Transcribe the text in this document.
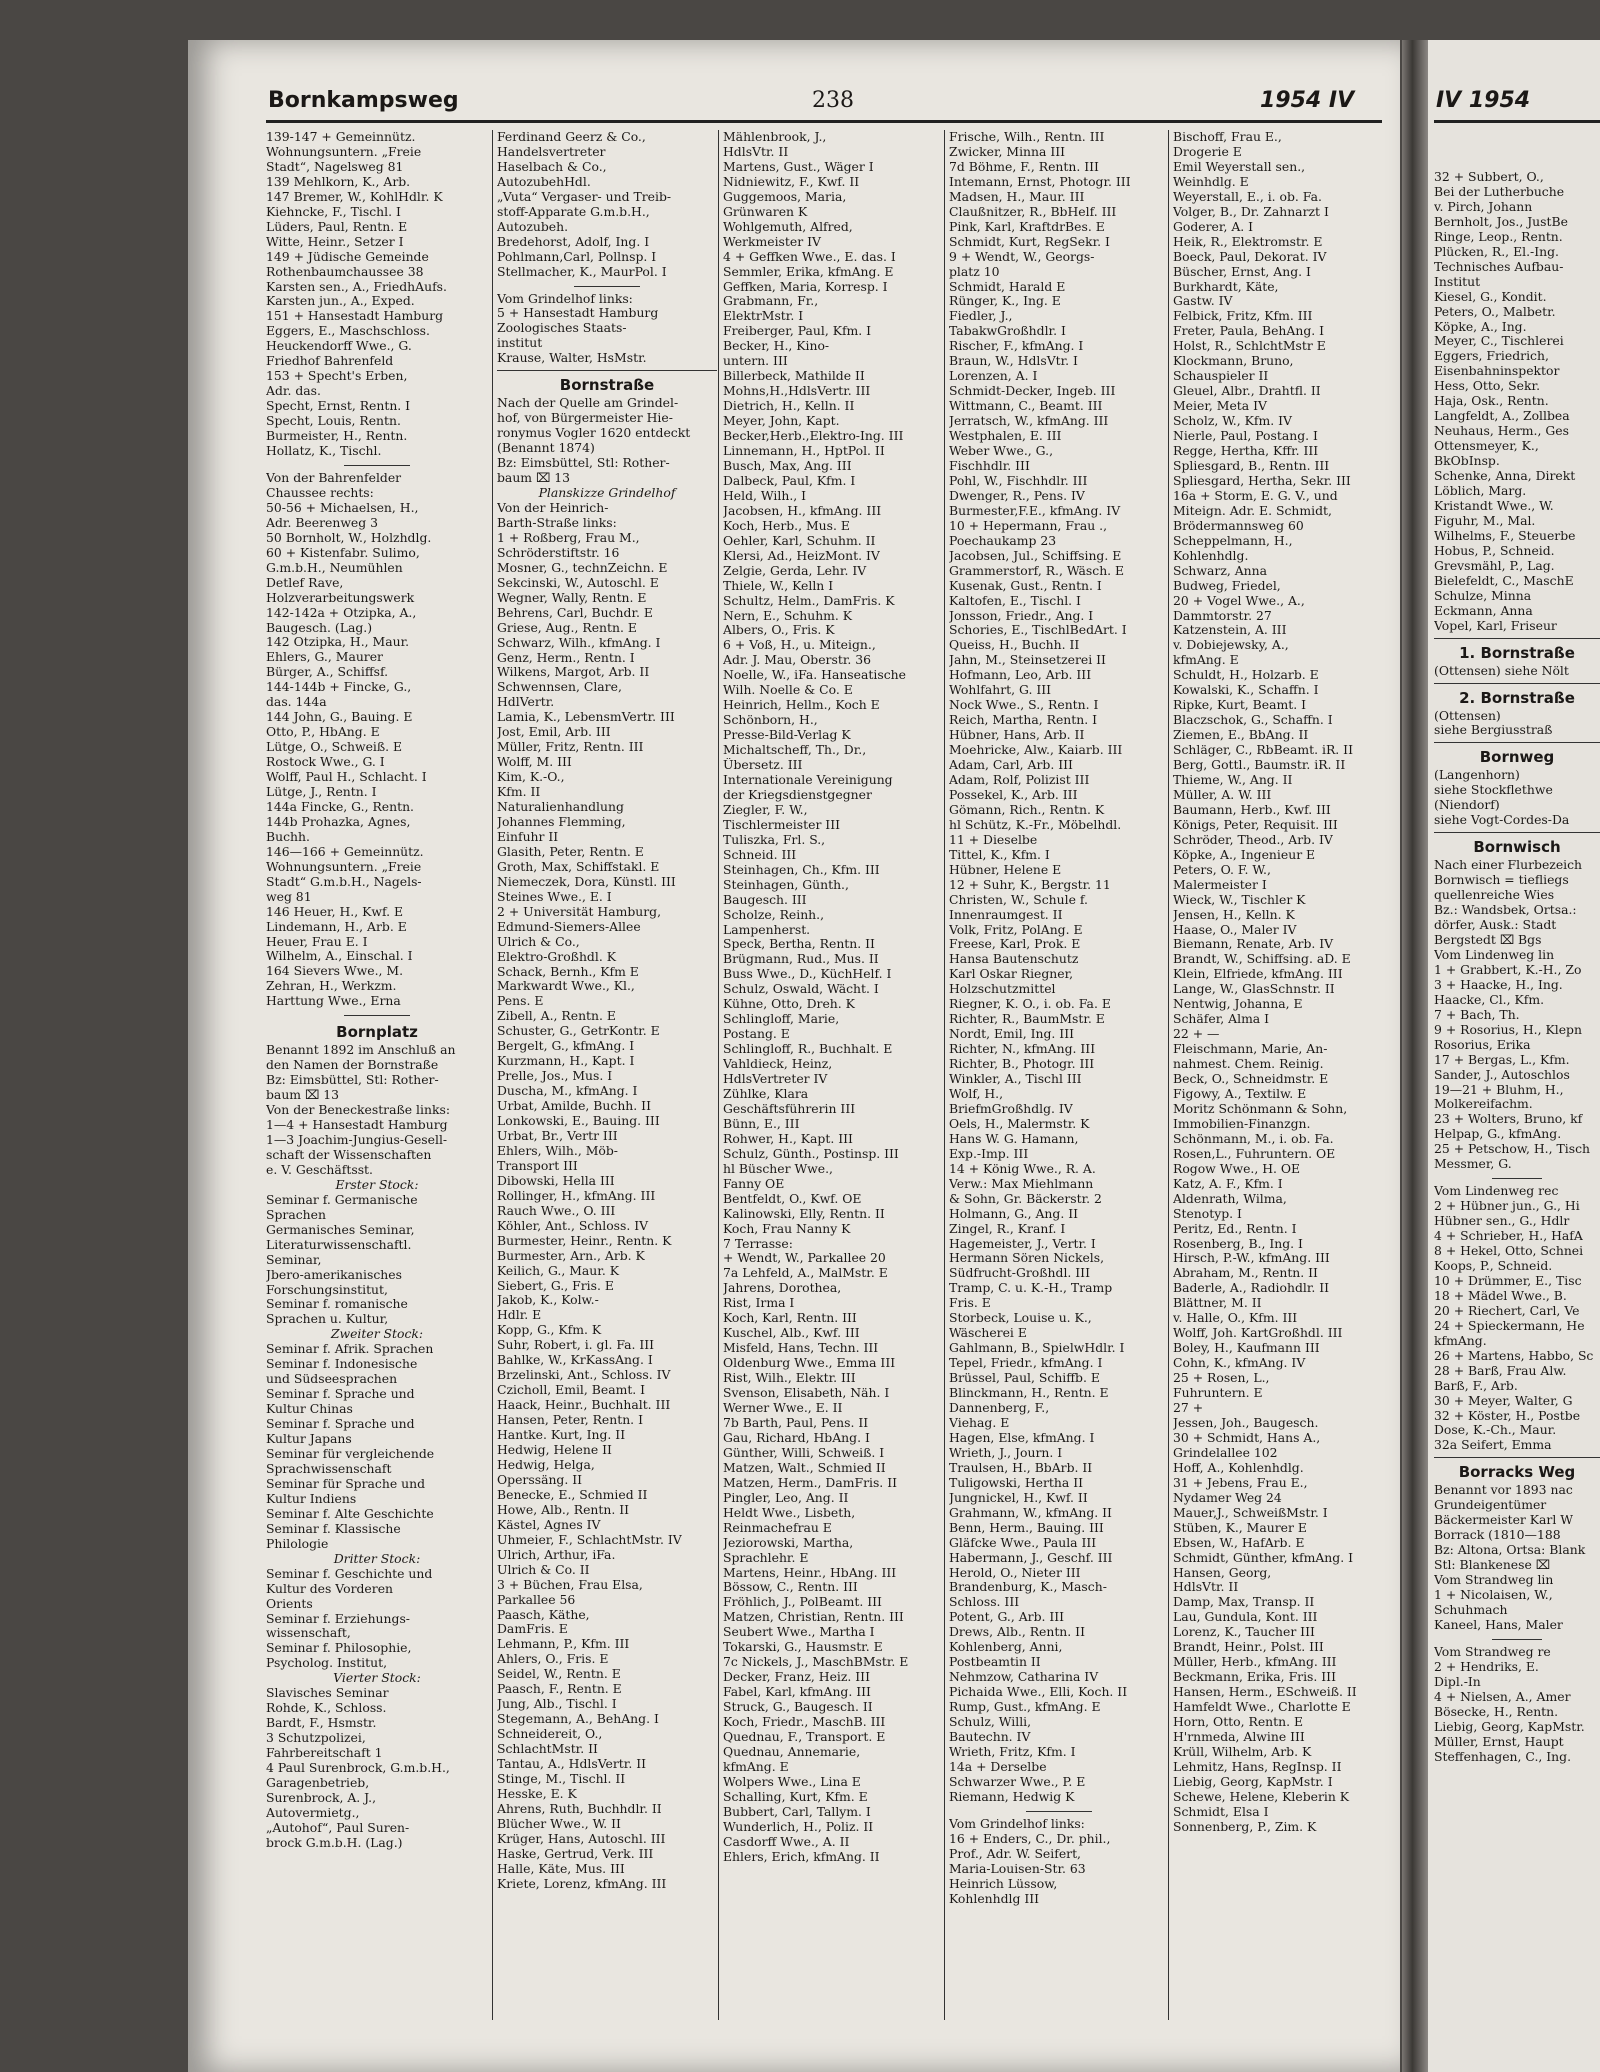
32 + Subbert, O.,
Bei der Lutherbuche
v. Pirch, Johann
Bernholt, Jos., JustBe
Ringe, Leop., Rentn.
Plücken, R., El.-Ing.
Technisches Aufbau-
Institut
Kiesel, G., Kondit.
Peters, O., Malbetr.
Köpke, A., Ing.
Meyer, C., Tischlerei
Eggers, Friedrich,
Eisenbahninspektor
Hess, Otto, Sekr.
Haja, Osk., Rentn.
Langfeldt, A., Zollbea
Neuhaus, Herm., Ges
Ottensmeyer, K.,
BkObInsp.
Schenke, Anna, Direkt
Löblich, Marg.
Kristandt Wwe., W.
Figuhr, M., Mal.
Wilhelms, F., Steuerbe
Hobus, P., Schneid.
Grevsmähl, P., Lag.
Bielefeldt, C., MaschE
Schulze, Minna
Eckmann, Anna
Vopel, Karl, Friseur
1. Bornstraße
(Ottensen) siehe Nölt
2. Bornstraße
(Ottensen)
siehe Bergiusstraß
Bornweg
(Langenhorn)
siehe Stockflethwe
(Niendorf)
siehe Vogt-Cordes-Da
Bornwisch
Nach einer Flurbezeich
Bornwisch = tiefliegs
quellenreiche Wies
Bz.: Wandsbek, Ortsa.:
dörfer, Ausk.: Stadt
Bergstedt ⌧ Bgs
Vom Lindenweg lin
1 + Grabbert, K.-H., Zo
3 + Haacke, H., Ing.
Haacke, Cl., Kfm.
7 + Bach, Th.
9 + Rosorius, H., Klepn
Rosorius, Erika
17 + Bergas, L., Kfm.
Sander, J., Autoschlos
19—21 + Bluhm, H.,
Molkereifachm.
23 + Wolters, Bruno, kf
Helpap, G., kfmAng.
25 + Petschow, H., Tisch
Messmer, G.
Vom Lindenweg rec
2 + Hübner jun., G., Hi
Hübner sen., G., Hdlr
4 + Schrieber, H., HafA
8 + Hekel, Otto, Schnei
Koops, P., Schneid.
10 + Drümmer, E., Tisc
18 + Mädel Wwe., B.
20 + Riechert, Carl, Ve
24 + Spieckermann, He
kfmAng.
26 + Martens, Habbo, Sc
28 + Barß, Frau Alw.
Barß, F., Arb.
30 + Meyer, Walter, G
32 + Köster, H., Postbe
Dose, K.-Ch., Maur.
32a Seifert, Emma
Borracks Weg
Benannt vor 1893 nac
Grundeigentümer
Bäckermeister Karl W
Borrack (1810—188
Bz: Altona, Ortsa: Blank
Stl: Blankenese ⌧
Vom Strandweg lin
1 + Nicolaisen, W.,
Schuhmach
Kaneel, Hans, Maler
Vom Strandweg re
2 + Hendriks, E.
Dipl.-In
4 + Nielsen, A., Amer
Bösecke, H., Rentn.
Liebig, Georg, KapMstr.
Müller, Ernst, Haupt
Steffenhagen, C., Ing.
Bornkampsweg	238	1954 IV	IV 1954
139-147 + Gemeinnütz.
Wohnungsuntern. „Freie
Stadt“, Nagelsweg 81
139 Mehlkorn, K., Arb.
147 Bremer, W., KohlHdlr. K
Kiehncke, F., Tischl. I
Lüders, Paul, Rentn. E
Witte, Heinr., Setzer I
149 + Jüdische Gemeinde
Rothenbaumchaussee 38
Karsten sen., A., FriedhAufs.
Karsten jun., A., Exped.
151 + Hansestadt Hamburg
Eggers, E., Maschschloss.
Heuckendorff Wwe., G.
Friedhof Bahrenfeld
153 + Specht's Erben,
Adr. das.
Specht, Ernst, Rentn. I
Specht, Louis, Rentn.
Burmeister, H., Rentn.
Hollatz, K., Tischl.
Von der Bahrenfelder
Chaussee rechts:
50-56 + Michaelsen, H.,
Adr. Beerenweg 3
50 Bornholt, W., Holzhdlg.
60 + Kistenfabr. Sulimo,
G.m.b.H., Neumühlen
Detlef Rave,
Holzverarbeitungswerk
142-142a + Otzipka, A.,
Baugesch. (Lag.)
142 Otzipka, H., Maur.
Ehlers, G., Maurer
Bürger, A., Schiffsf.
144-144b + Fincke, G.,
das. 144a
144 John, G., Bauing. E
Otto, P., HbAng. E
Lütge, O., Schweiß. E
Rostock Wwe., G. I
Wolff, Paul H., Schlacht. I
Lütge, J., Rentn. I
144a Fincke, G., Rentn.
144b Prohazka, Agnes,
Buchh.
146—166 + Gemeinnütz.
Wohnungsuntern. „Freie
Stadt“ G.m.b.H., Nagels-
weg 81
146 Heuer, H., Kwf. E
Lindemann, H., Arb. E
Heuer, Frau E. I
Wilhelm, A., Einschal. I
164 Sievers Wwe., M.
Zehran, H., Werkzm.
Harttung Wwe., Erna
Bornplatz
Benannt 1892 im Anschluß an
den Namen der Bornstraße
Bz: Eimsbüttel, Stl: Rother-
baum ⌧ 13
Von der Beneckestraße links:
1—4 + Hansestadt Hamburg
1—3 Joachim-Jungius-Gesell-
schaft der Wissenschaften
e. V. Geschäftsst.
Erster Stock:
Seminar f. Germanische
Sprachen
Germanisches Seminar,
Literaturwissenschaftl.
Seminar,
Jbero-amerikanisches
Forschungsinstitut,
Seminar f. romanische
Sprachen u. Kultur,
Zweiter Stock:
Seminar f. Afrik. Sprachen
Seminar f. Indonesische
und Südseesprachen
Seminar f. Sprache und
Kultur Chinas
Seminar f. Sprache und
Kultur Japans
Seminar für vergleichende
Sprachwissenschaft
Seminar für Sprache und
Kultur Indiens
Seminar f. Alte Geschichte
Seminar f. Klassische
Philologie
Dritter Stock:
Seminar f. Geschichte und
Kultur des Vorderen
Orients
Seminar f. Erziehungs-
wissenschaft,
Seminar f. Philosophie,
Psycholog. Institut,
Vierter Stock:
Slavisches Seminar
Rohde, K., Schloss.
Bardt, F., Hsmstr.
3 Schutzpolizei,
Fahrbereitschaft 1
4 Paul Surenbrock, G.m.b.H.,
Garagenbetrieb,
Surenbrock, A. J.,
Autovermietg.,
„Autohof“, Paul Suren-
brock G.m.b.H. (Lag.)
Ferdinand Geerz & Co.,
Handelsvertreter
Haselbach & Co.,
AutozubehHdl.
„Vuta“ Vergaser- und Treib-
stoff-Apparate G.m.b.H.,
Autozubeh.
Bredehorst, Adolf, Ing. I
Pohlmann,Carl, Pollnsp. I
Stellmacher, K., MaurPol. I
Vom Grindelhof links:
5 + Hansestadt Hamburg
Zoologisches Staats-
institut
Krause, Walter, HsMstr.
Bornstraße
Nach der Quelle am Grindel-
hof, von Bürgermeister Hie-
ronymus Vogler 1620 entdeckt
(Benannt 1874)
Bz: Eimsbüttel, Stl: Rother-
baum ⌧ 13
Planskizze Grindelhof
Von der Heinrich-
Barth-Straße links:
1 + Roßberg, Frau M.,
Schröderstiftstr. 16
Mosner, G., technZeichn. E
Sekcinski, W., Autoschl. E
Wegner, Wally, Rentn. E
Behrens, Carl, Buchdr. E
Griese, Aug., Rentn. E
Schwarz, Wilh., kfmAng. I
Genz, Herm., Rentn. I
Wilkens, Margot, Arb. II
Schwennsen, Clare,
HdlVertr.
Lamia, K., LebensmVertr. III
Jost, Emil, Arb. III
Müller, Fritz, Rentn. III
Wolff, M. III
Kim, K.-O.,
Kfm. II
Naturalienhandlung
Johannes Flemming,
Einfuhr II
Glasith, Peter, Rentn. E
Groth, Max, Schiffstakl. E
Niemeczek, Dora, Künstl. III
Steines Wwe., E. I
2 + Universität Hamburg,
Edmund-Siemers-Allee
Ulrich & Co.,
Elektro-Großhdl. K
Schack, Bernh., Kfm E
Markwardt Wwe., Kl.,
Pens. E
Zibell, A., Rentn. E
Schuster, G., GetrKontr. E
Bergelt, G., kfmAng. I
Kurzmann, H., Kapt. I
Prelle, Jos., Mus. I
Duscha, M., kfmAng. I
Urbat, Amilde, Buchh. II
Lonkowski, E., Bauing. III
Urbat, Br., Vertr III
Ehlers, Wilh., Möb-
Transport III
Dibowski, Hella III
Rollinger, H., kfmAng. III
Rauch Wwe., O. III
Köhler, Ant., Schloss. IV
Burmester, Heinr., Rentn. K
Burmester, Arn., Arb. K
Keilich, G., Maur. K
Siebert, G., Fris. E
Jakob, K., Kolw.-
Hdlr. E
Kopp, G., Kfm. K
Suhr, Robert, i. gl. Fa. III
Bahlke, W., KrKassAng. I
Brzelinski, Ant., Schloss. IV
Czicholl, Emil, Beamt. I
Haack, Heinr., Buchhalt. III
Hansen, Peter, Rentn. I
Hantke. Kurt, Ing. II
Hedwig, Helene II
Hedwig, Helga,
Operssäng. II
Benecke, E., Schmied II
Howe, Alb., Rentn. II
Kästel, Agnes IV
Uhmeier, F., SchlachtMstr. IV
Ulrich, Arthur, iFa.
Ulrich & Co. II
3 + Büchen, Frau Elsa,
Parkallee 56
Paasch, Käthe,
DamFris. E
Lehmann, P., Kfm. III
Ahlers, O., Fris. E
Seidel, W., Rentn. E
Paasch, F., Rentn. E
Jung, Alb., Tischl. I
Stegemann, A., BehAng. I
Schneidereit, O.,
SchlachtMstr. II
Tantau, A., HdlsVertr. II
Stinge, M., Tischl. II
Hesske, E. K
Ahrens, Ruth, Buchhdlr. II
Blücher Wwe., W. II
Krüger, Hans, Autoschl. III
Haske, Gertrud, Verk. III
Halle, Käte, Mus. III
Kriete, Lorenz, kfmAng. III
Mählenbrook, J.,
HdlsVtr. II
Martens, Gust., Wäger I
Nidniewitz, F., Kwf. II
Guggemoos, Maria,
Grünwaren K
Wohlgemuth, Alfred,
Werkmeister IV
4 + Geffken Wwe., E. das. I
Semmler, Erika, kfmAng. E
Geffken, Maria, Korresp. I
Grabmann, Fr.,
ElektrMstr. I
Freiberger, Paul, Kfm. I
Becker, H., Kino-
untern. III
Billerbeck, Mathilde II
Mohns,H.,HdlsVertr. III
Dietrich, H., Kelln. II
Meyer, John, Kapt.
Becker,Herb.,Elektro-Ing. III
Linnemann, H., HptPol. II
Busch, Max, Ang. III
Dalbeck, Paul, Kfm. I
Held, Wilh., I
Jacobsen, H., kfmAng. III
Koch, Herb., Mus. E
Oehler, Karl, Schuhm. II
Klersi, Ad., HeizMont. IV
Zelgie, Gerda, Lehr. IV
Thiele, W., Kelln I
Schultz, Helm., DamFris. K
Nern, E., Schuhm. K
Albers, O., Fris. K
6 + Voß, H., u. Miteign.,
Adr. J. Mau, Oberstr. 36
Noelle, W., iFa. Hanseatische
Wilh. Noelle & Co. E
Heinrich, Hellm., Koch E
Schönborn, H.,
Presse-Bild-Verlag K
Michaltscheff, Th., Dr.,
Übersetz. III
Internationale Vereinigung
der Kriegsdienstgegner
Ziegler, F. W.,
Tischlermeister III
Tuliszka, Frl. S.,
Schneid. III
Steinhagen, Ch., Kfm. III
Steinhagen, Günth.,
Baugesch. III
Scholze, Reinh.,
Lampenherst.
Speck, Bertha, Rentn. II
Brügmann, Rud., Mus. II
Buss Wwe., D., KüchHelf. I
Schulz, Oswald, Wächt. I
Kühne, Otto, Dreh. K
Schlingloff, Marie,
Postang. E
Schlingloff, R., Buchhalt. E
Vahldieck, Heinz,
HdlsVertreter IV
Zühlke, Klara
Geschäftsführerin III
Bünn, E., III
Rohwer, H., Kapt. III
Schulz, Günth., Postinsp. III
hl Büscher Wwe.,
Fanny OE
Bentfeldt, O., Kwf. OE
Kalinowski, Elly, Rentn. II
Koch, Frau Nanny K
7 Terrasse:
+ Wendt, W., Parkallee 20
7a Lehfeld, A., MalMstr. E
Jahrens, Dorothea,
Rist, Irma I
Koch, Karl, Rentn. III
Kuschel, Alb., Kwf. III
Misfeld, Hans, Techn. III
Oldenburg Wwe., Emma III
Rist, Wilh., Elektr. III
Svenson, Elisabeth, Näh. I
Werner Wwe., E. II
7b Barth, Paul, Pens. II
Gau, Richard, HbAng. I
Günther, Willi, Schweiß. I
Matzen, Walt., Schmied II
Matzen, Herm., DamFris. II
Pingler, Leo, Ang. II
Heldt Wwe., Lisbeth,
Reinmachefrau E
Jeziorowski, Martha,
Sprachlehr. E
Martens, Heinr., HbAng. III
Bössow, C., Rentn. III
Fröhlich, J., PolBeamt. III
Matzen, Christian, Rentn. III
Seubert Wwe., Martha I
Tokarski, G., Hausmstr. E
7c Nickels, J., MaschBMstr. E
Decker, Franz, Heiz. III
Fabel, Karl, kfmAng. III
Struck, G., Baugesch. II
Koch, Friedr., MaschB. III
Quednau, F., Transport. E
Quednau, Annemarie,
kfmAng. E
Wolpers Wwe., Lina E
Schalling, Kurt, Kfm. E
Bubbert, Carl, Tallym. I
Wunderlich, H., Poliz. II
Casdorff Wwe., A. II
Ehlers, Erich, kfmAng. II
Frische, Wilh., Rentn. III
Zwicker, Minna III
7d Böhme, F., Rentn. III
Intemann, Ernst, Photogr. III
Madsen, H., Maur. III
Claußnitzer, R., BbHelf. III
Pink, Karl, KraftdrBes. E
Schmidt, Kurt, RegSekr. I
9 + Wendt, W., Georgs-
platz 10
Schmidt, Harald E
Rünger, K., Ing. E
Fiedler, J.,
TabakwGroßhdlr. I
Rischer, F., kfmAng. I
Braun, W., HdlsVtr. I
Lorenzen, A. I
Schmidt-Decker, Ingeb. III
Wittmann, C., Beamt. III
Jerratsch, W., kfmAng. III
Westphalen, E. III
Weber Wwe., G.,
Fischhdlr. III
Pohl, W., Fischhdlr. III
Dwenger, R., Pens. IV
Burmester,F.E., kfmAng. IV
10 + Hepermann, Frau .,
Poechaukamp 23
Jacobsen, Jul., Schiffsing. E
Grammerstorf, R., Wäsch. E
Kusenak, Gust., Rentn. I
Kaltofen, E., Tischl. I
Jonsson, Friedr., Ang. I
Schories, E., TischlBedArt. I
Queiss, H., Buchh. II
Jahn, M., Steinsetzerei II
Hofmann, Leo, Arb. III
Wohlfahrt, G. III
Nock Wwe., S., Rentn. I
Reich, Martha, Rentn. I
Hübner, Hans, Arb. II
Moehricke, Alw., Kaiarb. III
Adam, Carl, Arb. III
Adam, Rolf, Polizist III
Possekel, K., Arb. III
Gömann, Rich., Rentn. K
hl Schütz, K.-Fr., Möbelhdl.
11 + Dieselbe
Tittel, K., Kfm. I
Hübner, Helene E
12 + Suhr, K., Bergstr. 11
Christen, W., Schule f.
Innenraumgest. II
Volk, Fritz, PolAng. E
Freese, Karl, Prok. E
Hansa Bautenschutz
Karl Oskar Riegner,
Holzschutzmittel
Riegner, K. O., i. ob. Fa. E
Richter, R., BaumMstr. E
Nordt, Emil, Ing. III
Richter, N., kfmAng. III
Richter, B., Photogr. III
Winkler, A., Tischl III
Wolf, H.,
BriefmGroßhdlg. IV
Oels, H., Malermstr. K
Hans W. G. Hamann,
Exp.-Imp. III
14 + König Wwe., R. A.
Verw.: Max Miehlmann
& Sohn, Gr. Bäckerstr. 2
Holmann, G., Ang. II
Zingel, R., Kranf. I
Hagemeister, J., Vertr. I
Hermann Sören Nickels,
Südfrucht-Großhdl. III
Tramp, C. u. K.-H., Tramp
Fris. E
Storbeck, Louise u. K.,
Wäscherei E
Gahlmann, B., SpielwHdlr. I
Tepel, Friedr., kfmAng. I
Brüssel, Paul, Schiffb. E
Blinckmann, H., Rentn. E
Dannenberg, F.,
Viehag. E
Hagen, Else, kfmAng. I
Wrieth, J., Journ. I
Traulsen, H., BbArb. II
Tuligowski, Hertha II
Jungnickel, H., Kwf. II
Grahmann, W., kfmAng. II
Benn, Herm., Bauing. III
Gläfcke Wwe., Paula III
Habermann, J., Geschf. III
Herold, O., Nieter III
Brandenburg, K., Masch-
Schloss. III
Potent, G., Arb. III
Drews, Alb., Rentn. II
Kohlenberg, Anni,
Postbeamtin II
Nehmzow, Catharina IV
Pichaida Wwe., Elli, Koch. II
Rump, Gust., kfmAng. E
Schulz, Willi,
Bautechn. IV
Wrieth, Fritz, Kfm. I
14a + Derselbe
Schwarzer Wwe., P. E
Riemann, Hedwig K
Vom Grindelhof links:
16 + Enders, C., Dr. phil.,
Prof., Adr. W. Seifert,
Maria-Louisen-Str. 63
Heinrich Lüssow,
Kohlenhdlg III
Bischoff, Frau E.,
Drogerie E
Emil Weyerstall sen.,
Weinhdlg. E
Weyerstall, E., i. ob. Fa.
Volger, B., Dr. Zahnarzt I
Goderer, A. I
Heik, R., Elektromstr. E
Boeck, Paul, Dekorat. IV
Büscher, Ernst, Ang. I
Burkhardt, Käte,
Gastw. IV
Felbick, Fritz, Kfm. III
Freter, Paula, BehAng. I
Holst, R., SchlchtMstr E
Klockmann, Bruno,
Schauspieler II
Gleuel, Albr., Drahtfl. II
Meier, Meta IV
Scholz, W., Kfm. IV
Nierle, Paul, Postang. I
Regge, Hertha, Kffr. III
Spliesgard, B., Rentn. III
Spliesgard, Hertha, Sekr. III
16a + Storm, E. G. V., und
Miteign. Adr. E. Schmidt,
Brödermannsweg 60
Scheppelmann, H.,
Kohlenhdlg.
Schwarz, Anna
Budweg, Friedel,
20 + Vogel Wwe., A.,
Dammtorstr. 27
Katzenstein, A. III
v. Dobiejewsky, A.,
kfmAng. E
Schuldt, H., Holzarb. E
Kowalski, K., Schaffn. I
Ripke, Kurt, Beamt. I
Blaczschok, G., Schaffn. I
Ziemen, E., BbAng. II
Schläger, C., RbBeamt. iR. II
Berg, Gottl., Baumstr. iR. II
Thieme, W., Ang. II
Müller, A. W. III
Baumann, Herb., Kwf. III
Königs, Peter, Requisit. III
Schröder, Theod., Arb. IV
Köpke, A., Ingenieur E
Peters, O. F. W.,
Malermeister I
Wieck, W., Tischler K
Jensen, H., Kelln. K
Haase, O., Maler IV
Biemann, Renate, Arb. IV
Brandt, W., Schiffsing. aD. E
Klein, Elfriede, kfmAng. III
Lange, W., GlasSchnstr. II
Nentwig, Johanna, E
Schäfer, Alma I
22 + —
Fleischmann, Marie, An-
nahmest. Chem. Reinig.
Beck, O., Schneidmstr. E
Figowy, A., Textilw. E
Moritz Schönmann & Sohn,
Immobilien-Finanzgn.
Schönmann, M., i. ob. Fa.
Rosen,L., Fuhruntern. OE
Rogow Wwe., H. OE
Katz, A. F., Kfm. I
Aldenrath, Wilma,
Stenotyp. I
Peritz, Ed., Rentn. I
Rosenberg, B., Ing. I
Hirsch, P.-W., kfmAng. III
Abraham, M., Rentn. II
Baderle, A., Radiohdlr. II
Blättner, M. II
v. Halle, O., Kfm. III
Wolff, Joh. KartGroßhdl. III
Boley, H., Kaufmann III
Cohn, K., kfmAng. IV
25 + Rosen, L.,
Fuhruntern. E
27 +
Jessen, Joh., Baugesch.
30 + Schmidt, Hans A.,
Grindelallee 102
Hoff, A., Kohlenhdlg.
31 + Jebens, Frau E.,
Nydamer Weg 24
Mauer,J., SchweißMstr. I
Stüben, K., Maurer E
Ebsen, W., HafArb. E
Schmidt, Günther, kfmAng. I
Hansen, Georg,
HdlsVtr. II
Damp, Max, Transp. II
Lau, Gundula, Kont. III
Lorenz, K., Taucher III
Brandt, Heinr., Polst. III
Müller, Herb., kfmAng. III
Beckmann, Erika, Fris. III
Hansen, Herm., ESchweiß. II
Hamfeldt Wwe., Charlotte E
Horn, Otto, Rentn. E
H'rnmeda, Alwine III
Krüll, Wilhelm, Arb. K
Lehmitz, Hans, RegInsp. II
Liebig, Georg, KapMstr. I
Schewe, Helene, Kleberin K
Schmidt, Elsa I
Sonnenberg, P., Zim. K
